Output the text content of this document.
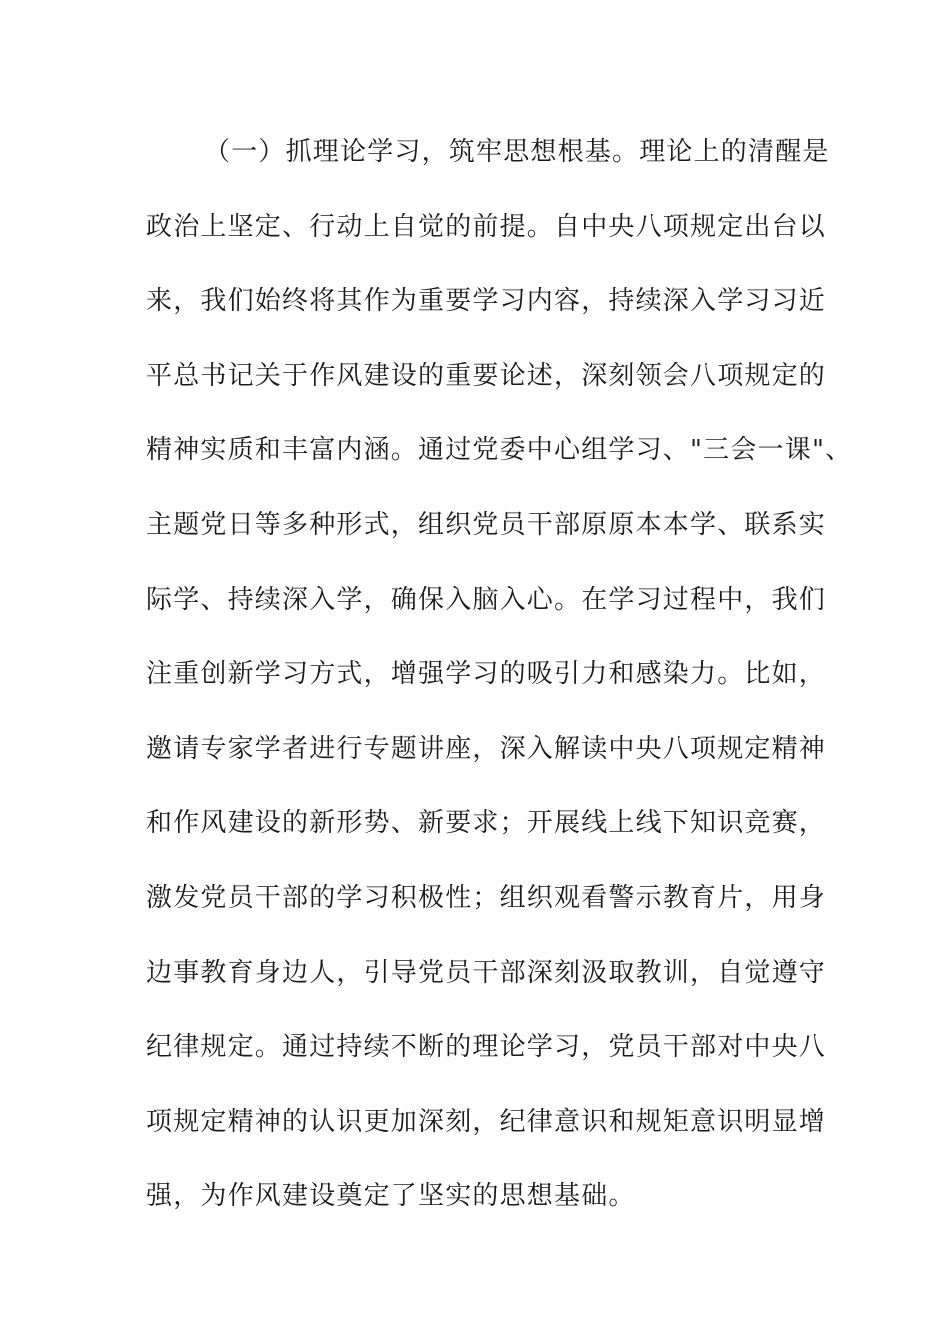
（一）抓理论学习，筑牢思想根基。理论上的清醒是
政治上坚定、行动上自觉的前提。自中央八项规定出台以
来，我们始终将其作为重要学习内容，持续深入学习习近
平总书记关于作风建设的重要论述，深刻领会八项规定的
精神实质和丰富内涵。通过党委中心组学习、"三会一课"、
主题党日等多种形式，组织党员干部原原本本学、联系实
际学、持续深入学，确保入脑入心。在学习过程中，我们
注重创新学习方式，增强学习的吸引力和感染力。比如，
邀请专家学者进行专题讲座，深入解读中央八项规定精神
和作风建设的新形势、新要求；开展线上线下知识竞赛，
激发党员干部的学习积极性；组织观看警示教育片，用身
边事教育身边人，引导党员干部深刻汲取教训，自觉遵守
纪律规定。通过持续不断的理论学习，党员干部对中央八
项规定精神的认识更加深刻，纪律意识和规矩意识明显增
强，为作风建设奠定了坚实的思想基础。
